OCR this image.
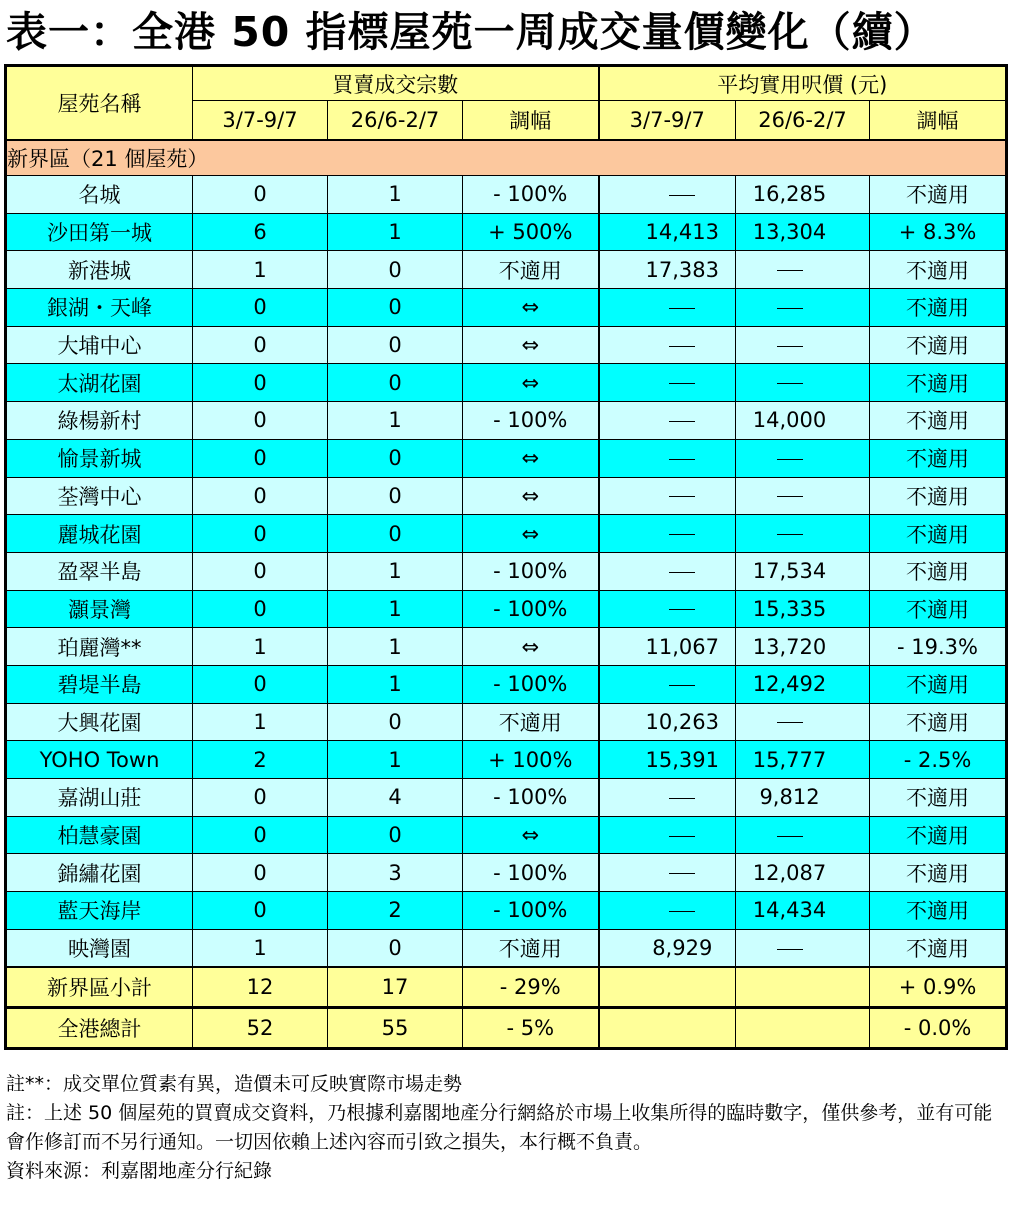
表一：全港 50 指標屋苑一周成交量價變化（續）
屋苑名稱	買賣成交宗數			平均實用呎價 (元)		
	3/7-9/7	26/6-2/7	調幅	3/7-9/7	26/6-2/7	調幅
新界區（21 個屋苑）						
名城	0	1	- 100%		16,285	不適用
沙田第一城	6	1	+ 500%	14,413	13,304	+ 8.3%
新港城	1	0	不適用	17,383		不適用
銀湖・天峰	0	0	⇔			不適用
大埔中心	0	0	⇔			不適用
太湖花園	0	0	⇔			不適用
綠楊新村	0	1	- 100%		14,000	不適用
愉景新城	0	0	⇔			不適用
荃灣中心	0	0	⇔			不適用
麗城花園	0	0	⇔			不適用
盈翠半島	0	1	- 100%		17,534	不適用
灝景灣	0	1	- 100%		15,335	不適用
珀麗灣**	1	1	⇔	11,067	13,720	- 19.3%
碧堤半島	0	1	- 100%		12,492	不適用
大興花園	1	0	不適用	10,263		不適用
YOHO Town	2	1	+ 100%	15,391	15,777	- 2.5%
嘉湖山莊	0	4	- 100%		9,812	不適用
柏慧豪園	0	0	⇔			不適用
錦繡花園	0	3	- 100%		12,087	不適用
藍天海岸	0	2	- 100%		14,434	不適用
映灣園	1	0	不適用	8,929		不適用
新界區小計	12	17	- 29%			+ 0.9%
全港總計	52	55	- 5%			- 0.0%
註**：成交單位質素有異，造價未可反映實際市場走勢
註：上述 50 個屋苑的買賣成交資料，乃根據利嘉閣地產分行網絡於市場上收集所得的臨時數字，僅供參考，並有可能會作修訂而不另行通知。一切因依賴上述內容而引致之損失，本行概不負責。
資料來源：利嘉閣地產分行紀錄
